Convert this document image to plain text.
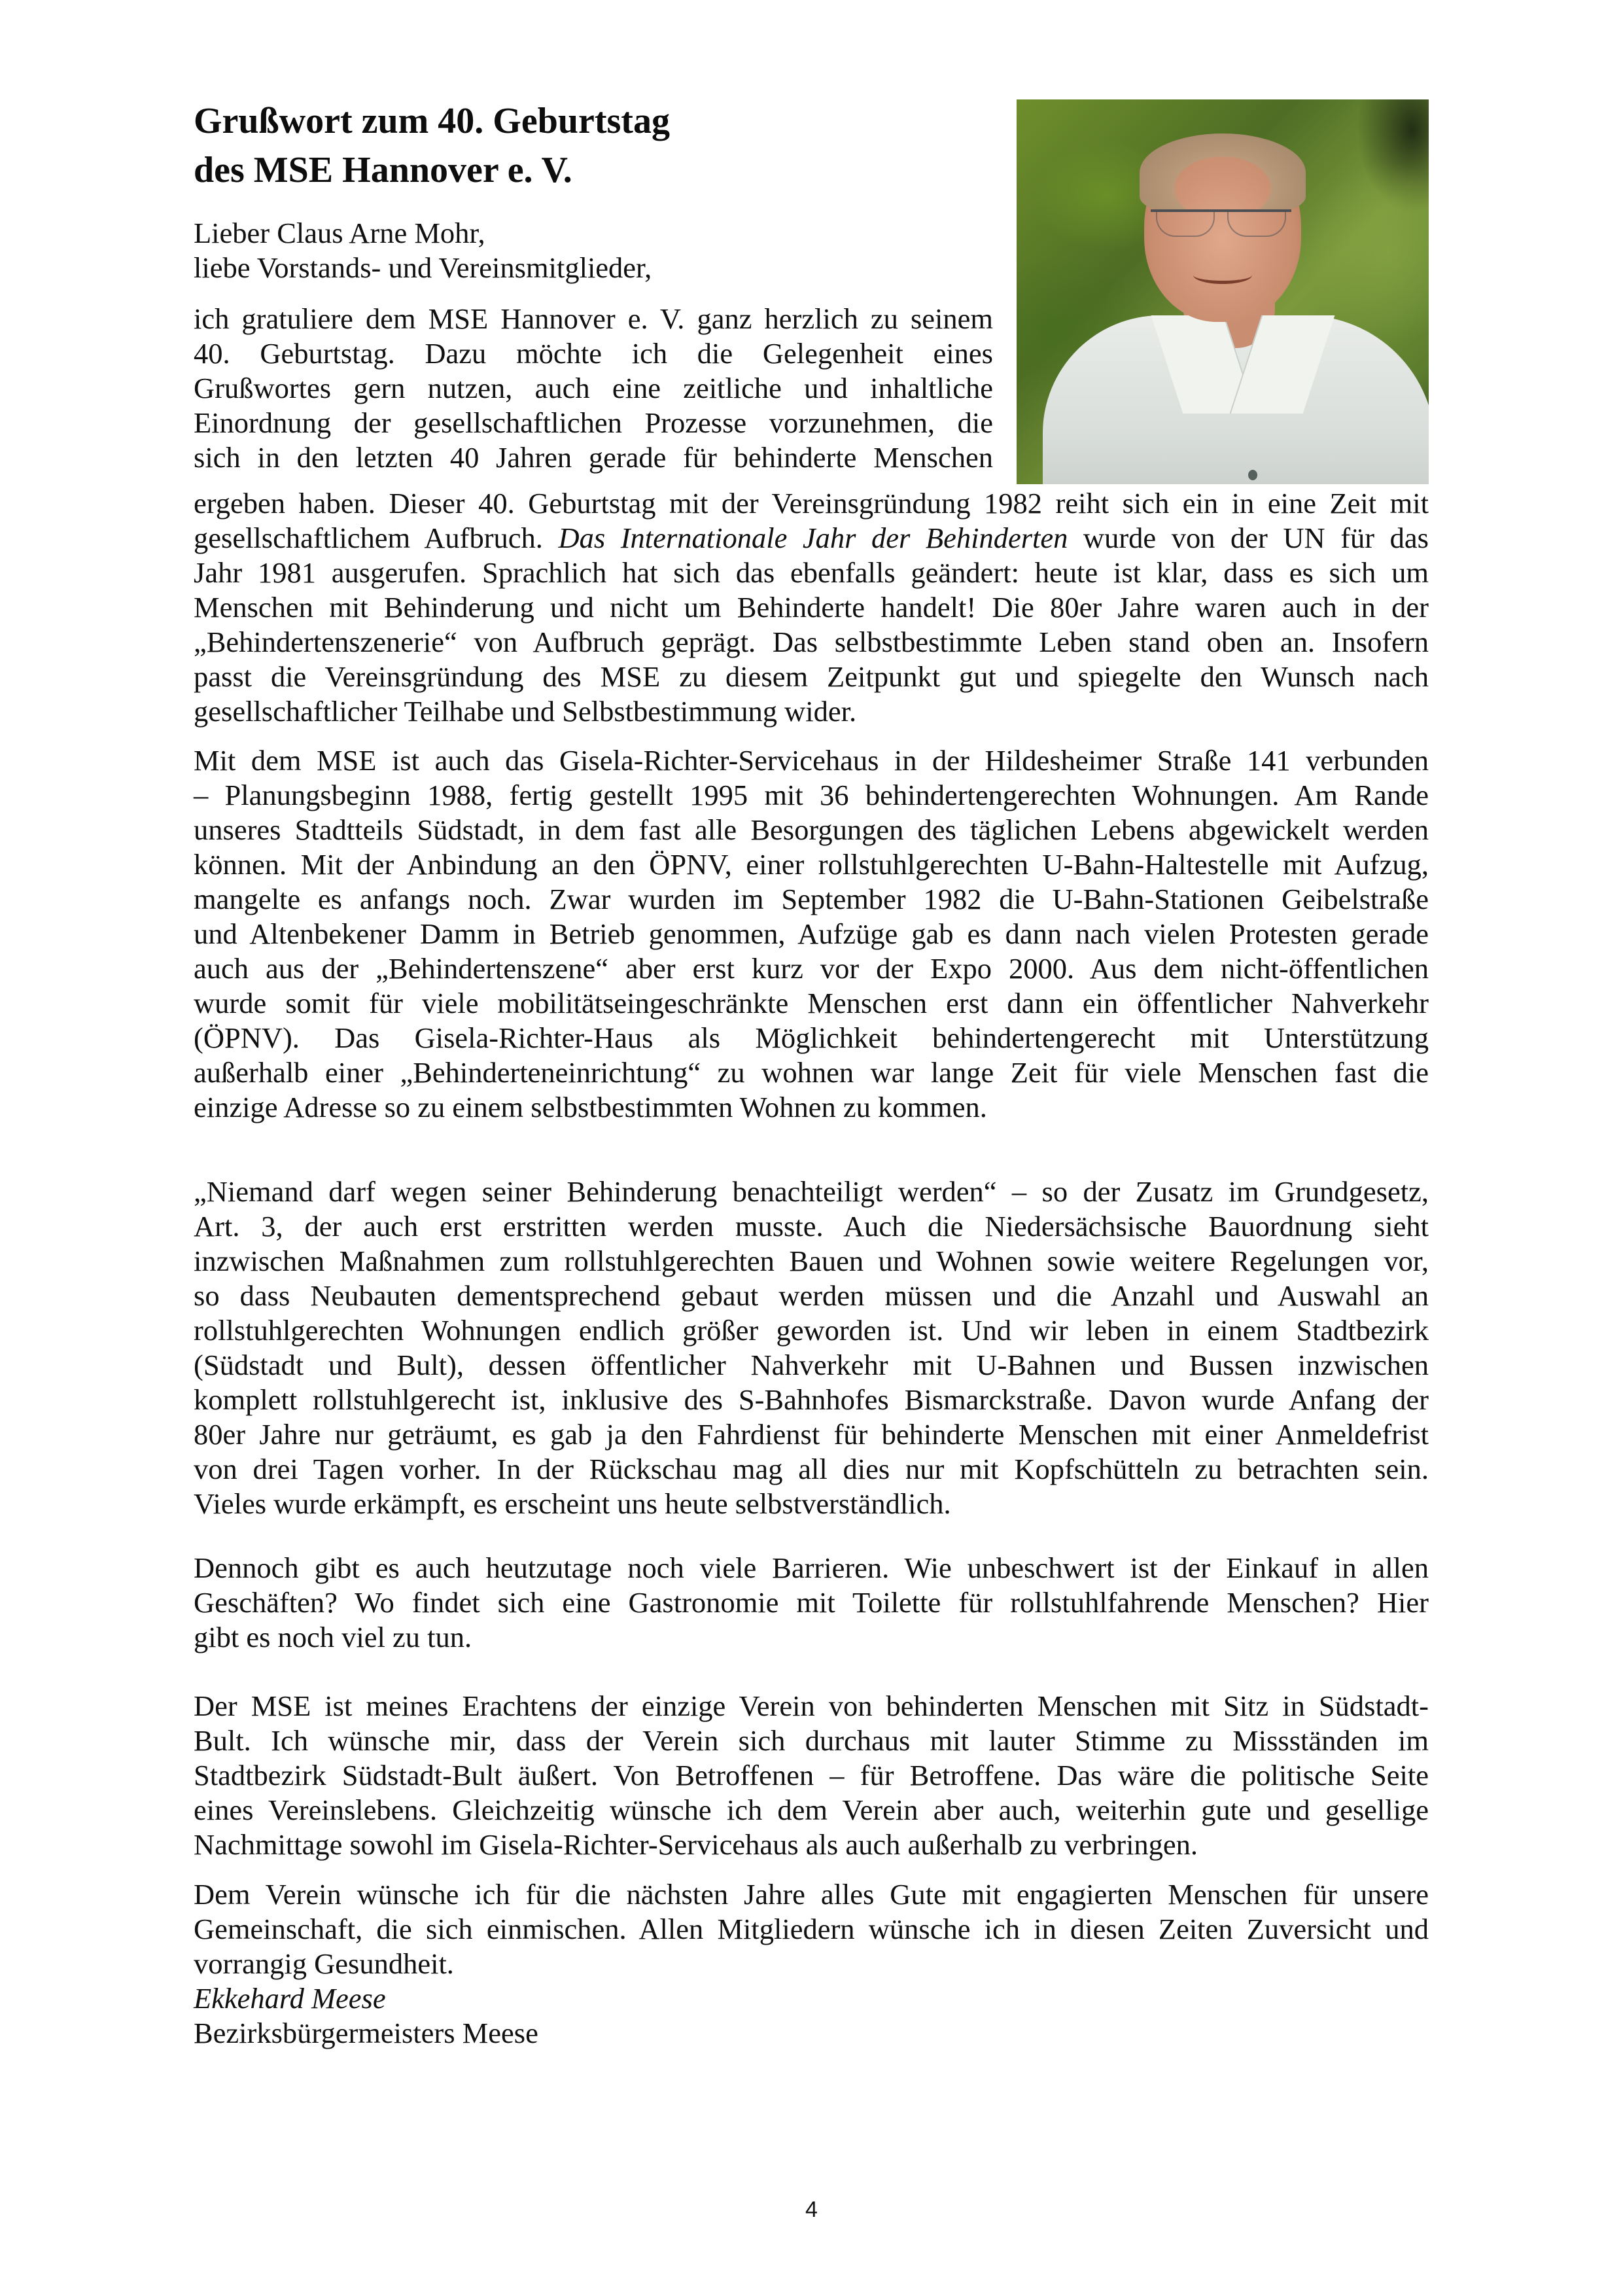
Grußwort zum 40. Geburtstag
des MSE Hannover e. V.
Lieber Claus Arne Mohr,
liebe Vorstands- und Vereinsmitglieder,
ich gratuliere dem MSE Hannover e. V. ganz herzlich zu seinem
40. Geburtstag. Dazu möchte ich die Gelegenheit eines
Grußwortes gern nutzen, auch eine zeitliche und inhaltliche
Einordnung der gesellschaftlichen Prozesse vorzunehmen, die
sich in den letzten 40 Jahren gerade für behinderte Menschen
ergeben haben. Dieser 40. Geburtstag mit der Vereinsgründung 1982 reiht sich ein in eine Zeit mit
gesellschaftlichem Aufbruch. Das Internationale Jahr der Behinderten wurde von der UN für das
Jahr 1981 ausgerufen. Sprachlich hat sich das ebenfalls geändert: heute ist klar, dass es sich um
Menschen mit Behinderung und nicht um Behinderte handelt! Die 80er Jahre waren auch in der
„Behindertenszenerie“ von Aufbruch geprägt. Das selbstbestimmte Leben stand oben an. Insofern
passt die Vereinsgründung des MSE zu diesem Zeitpunkt gut und spiegelte den Wunsch nach
gesellschaftlicher Teilhabe und Selbstbestimmung wider.
Mit dem MSE ist auch das Gisela-Richter-Servicehaus in der Hildesheimer Straße 141 verbunden
– Planungsbeginn 1988, fertig gestellt 1995 mit 36 behindertengerechten Wohnungen. Am Rande
unseres Stadtteils Südstadt, in dem fast alle Besorgungen des täglichen Lebens abgewickelt werden
können. Mit der Anbindung an den ÖPNV, einer rollstuhlgerechten U-Bahn-Haltestelle mit Aufzug,
mangelte es anfangs noch. Zwar wurden im September 1982 die U-Bahn-Stationen Geibelstraße
und Altenbekener Damm in Betrieb genommen, Aufzüge gab es dann nach vielen Protesten gerade
auch aus der „Behindertenszene“ aber erst kurz vor der Expo 2000. Aus dem nicht-öffentlichen
wurde somit für viele mobilitätseingeschränkte Menschen erst dann ein öffentlicher Nahverkehr
(ÖPNV). Das Gisela-Richter-Haus als Möglichkeit behindertengerecht mit Unterstützung
außerhalb einer „Behinderteneinrichtung“ zu wohnen war lange Zeit für viele Menschen fast die
einzige Adresse so zu einem selbstbestimmten Wohnen zu kommen.
„Niemand darf wegen seiner Behinderung benachteiligt werden“ – so der Zusatz im Grundgesetz,
Art. 3, der auch erst erstritten werden musste. Auch die Niedersächsische Bauordnung sieht
inzwischen Maßnahmen zum rollstuhlgerechten Bauen und Wohnen sowie weitere Regelungen vor,
so dass Neubauten dementsprechend gebaut werden müssen und die Anzahl und Auswahl an
rollstuhlgerechten Wohnungen endlich größer geworden ist. Und wir leben in einem Stadtbezirk
(Südstadt und Bult), dessen öffentlicher Nahverkehr mit U-Bahnen und Bussen inzwischen
komplett rollstuhlgerecht ist, inklusive des S-Bahnhofes Bismarckstraße. Davon wurde Anfang der
80er Jahre nur geträumt, es gab ja den Fahrdienst für behinderte Menschen mit einer Anmeldefrist
von drei Tagen vorher. In der Rückschau mag all dies nur mit Kopfschütteln zu betrachten sein.
Vieles wurde erkämpft, es erscheint uns heute selbstverständlich.
Dennoch gibt es auch heutzutage noch viele Barrieren. Wie unbeschwert ist der Einkauf in allen
Geschäften? Wo findet sich eine Gastronomie mit Toilette für rollstuhlfahrende Menschen? Hier
gibt es noch viel zu tun.
Der MSE ist meines Erachtens der einzige Verein von behinderten Menschen mit Sitz in Südstadt-
Bult. Ich wünsche mir, dass der Verein sich durchaus mit lauter Stimme zu Missständen im
Stadtbezirk Südstadt-Bult äußert. Von Betroffenen – für Betroffene. Das wäre die politische Seite
eines Vereinslebens. Gleichzeitig wünsche ich dem Verein aber auch, weiterhin gute und gesellige
Nachmittage sowohl im Gisela-Richter-Servicehaus als auch außerhalb zu verbringen.
Dem Verein wünsche ich für die nächsten Jahre alles Gute mit engagierten Menschen für unsere
Gemeinschaft, die sich einmischen. Allen Mitgliedern wünsche ich in diesen Zeiten Zuversicht und
vorrangig Gesundheit.
Ekkehard Meese
Bezirksbürgermeisters Meese
4
